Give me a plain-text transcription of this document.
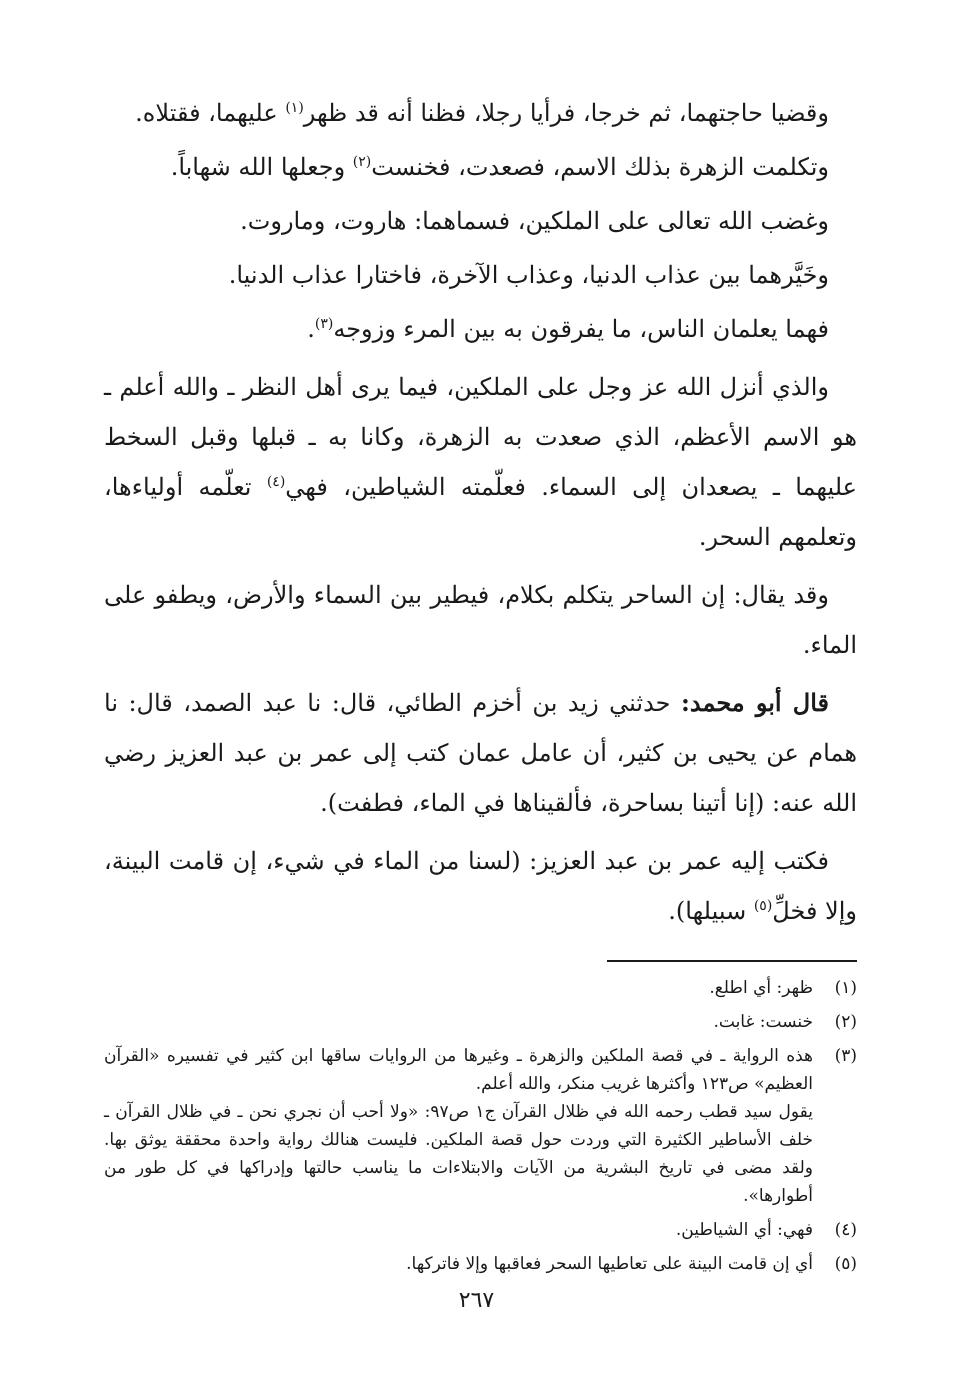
وقضيا حاجتهما، ثم خرجا، فرأيا رجلا، فظنا أنه قد ظهر$^{(١)}$ عليهما، فقتلاه.

وتكلمت الزهرة بذلك الاسم، فصعدت، فخنست$^{(٢)}$ وجعلها الله شهاباً.

وغضب الله تعالى على الملكين، فسماهما: هاروت، وماروت.

وخَيَّرهما بين عذاب الدنيا، وعذاب الآخرة، فاختارا عذاب الدنيا.

فهما يعلمان الناس، ما يفرقون به بين المرء وزوجه$^{(٣)}$.

والذي أنزل الله عز وجل على الملكين، فيما يرى أهل النظر ـ والله أعلم ـ هو الاسم الأعظم، الذي صعدت به الزهرة، وكانا به ـ قبلها وقبل السخط عليهما ـ يصعدان إلى السماء. فعلّمته الشياطين، فهي$^{(٤)}$ تعلّمه أولياءها، وتعلمهم السحر.

وقد يقال: إن الساحر يتكلم بكلام، فيطير بين السماء والأرض، ويطفو على الماء.

قال أبو محمد: حدثني زيد بن أخزم الطائي، قال: نا عبد الصمد، قال: نا همام عن يحيى بن كثير، أن عامل عمان كتب إلى عمر بن عبد العزيز رضي الله عنه: (إنا أتينا بساحرة، فألقيناها في الماء، فطفت).

فكتب إليه عمر بن عبد العزيز: (لسنا من الماء في شيء، إن قامت البينة، وإلا فخلِّ$^{(٥)}$ سبيلها).

(١)

ظهر: أي اطلع.

(٢)

خنست: غابت.

(٣)

هذه الرواية ـ في قصة الملكين والزهرة ـ وغيرها من الروايات ساقها ابن كثير في تفسيره «القرآن العظيم» ص١٢٣ وأكثرها غريب منكر، والله أعلم.

يقول سيد قطب رحمه الله في ظلال القرآن ج١ ص٩٧: «ولا أحب أن نجري نحن ـ في ظلال القرآن ـ خلف الأساطير الكثيرة التي وردت حول قصة الملكين. فليست هنالك رواية واحدة محققة يوثق بها. ولقد مضى في تاريخ البشرية من الآيات والابتلاءات ما يناسب حالتها وإدراكها في كل طور من أطوارها».

(٤)

فهي: أي الشياطين.

(٥)

أي إن قامت البينة على تعاطيها السحر فعاقبها وإلا فاتركها.

٢٦٧
